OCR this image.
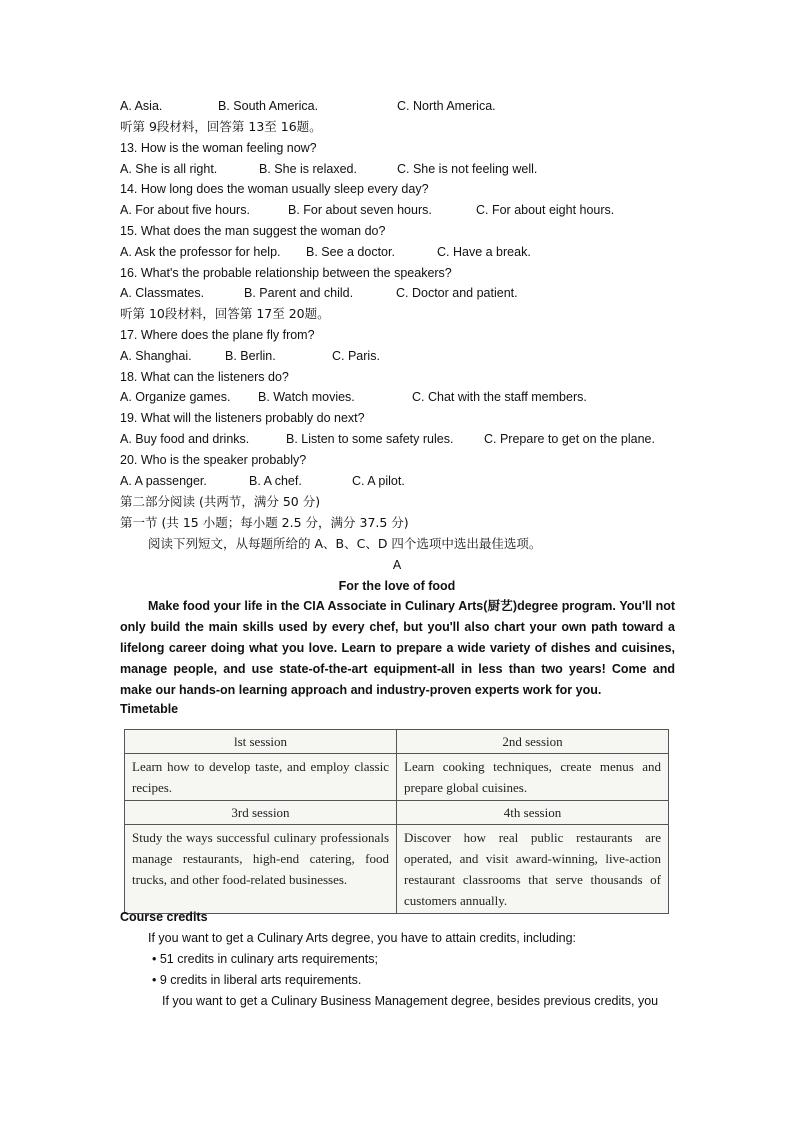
A. Asia.	B. South America.	C. North America.
听第 9段材料，回答第 13至 16题。
13. How is the woman feeling now?
A. She is all right.	B. She is relaxed.	C. She is not feeling well.
14. How long does the woman usually sleep every day?
A. For about five hours.	B. For about seven hours.	C. For about eight hours.
15. What does the man suggest the woman do?
A. Ask the professor for help. B. See a doctor.	C. Have a break.
16. What's the probable relationship between the speakers?
A. Classmates.	B. Parent and child.	C. Doctor and patient.
听第 10段材料，回答第 17至 20题。
17. Where does the plane fly from?
A. Shanghai.	B. Berlin.	C. Paris.
18. What can the listeners do?
A. Organize games. B. Watch movies.	C. Chat with the staff members.
19. What will the listeners probably do next?
A. Buy food and drinks.	B. Listen to some safety rules. C. Prepare to get on the plane.
20. Who is the speaker probably?
A. A passenger.	B. A chef.	C. A pilot.
第二部分阅读 (共两节，满分 50 分)
第一节 (共 15 小题；每小题 2.5 分，满分 37.5 分)
阅读下列短文，从每题所给的 A、B、C、D 四个选项中选出最佳选项。
A
For the love of food
Make food your life in the CIA Associate in Culinary Arts(厨艺)degree program. You'll not only build the main skills used by every chef, but you'll also chart your own path toward a lifelong career doing what you love. Learn to prepare a wide variety of dishes and cuisines, manage people, and use state-of-the-art equipment-all in less than two years! Come and make our hands-on learning approach and industry-proven experts work for you.
Timetable
lst session	2nd session
Learn how to develop taste, and employ classic recipes.	Learn cooking techniques, create menus and prepare global cuisines.
3rd session	4th session
Study the ways successful culinary professionals manage restaurants, high-end catering, food trucks, and other food-related businesses.	Discover how real public restaurants are operated, and visit award-winning, live-action restaurant classrooms that serve thousands of customers annually.
Course credits
If you want to get a Culinary Arts degree, you have to attain credits, including:
• 51 credits in culinary arts requirements;
• 9 credits in liberal arts requirements.
If you want to get a Culinary Business Management degree, besides previous credits, you
